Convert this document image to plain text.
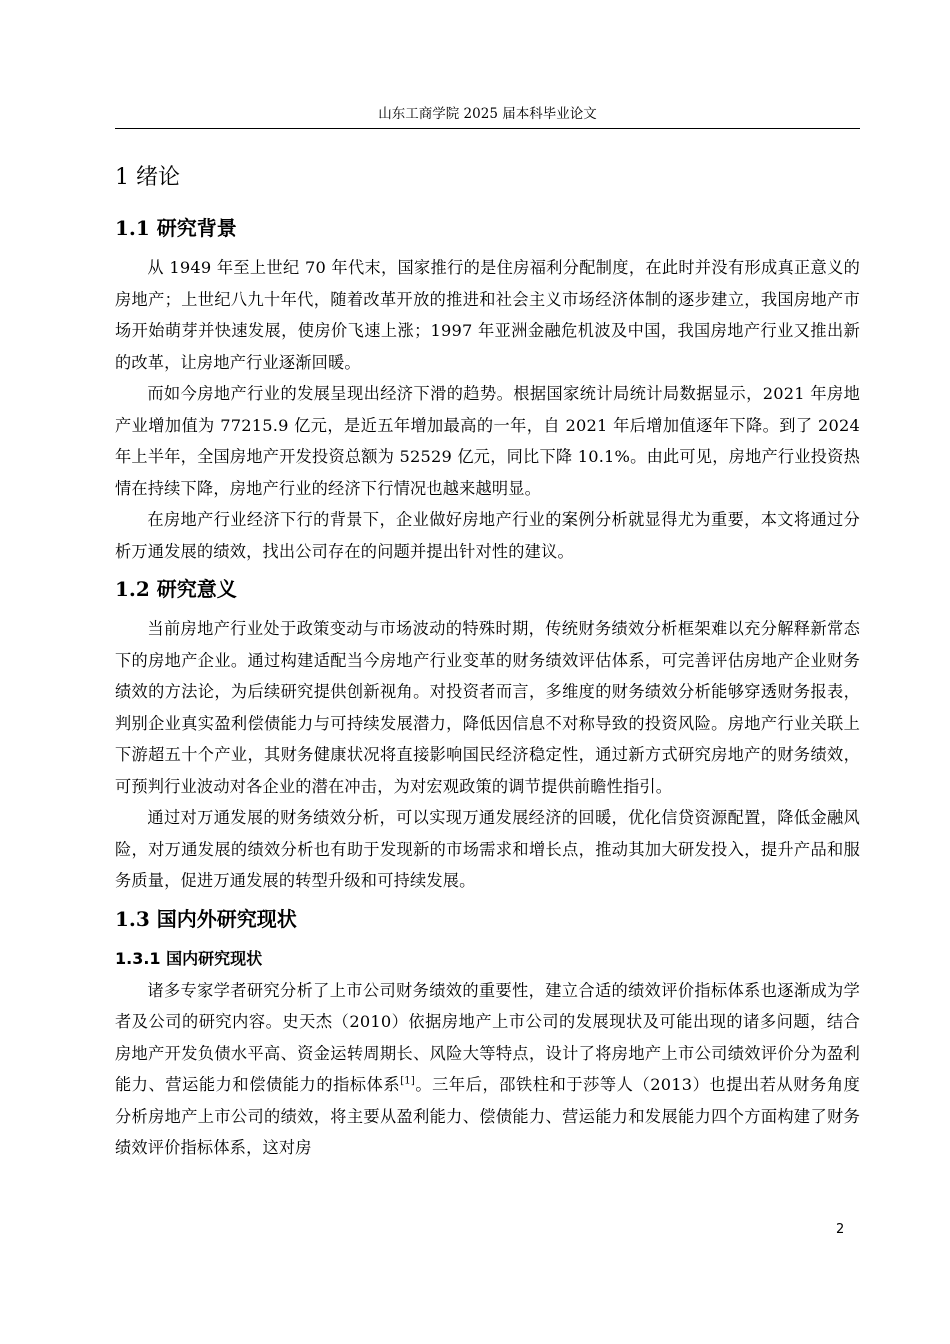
山东工商学院 2025 届本科毕业论文
1 绪论
1.1 研究背景

从 1949 年至上世纪 70 年代末，国家推行的是住房福利分配制度，在此时并没有形成真正意义的房地产；上世纪八九十年代，随着改革开放的推进和社会主义市场经济体制的逐步建立，我国房地产市场开始萌芽并快速发展，使房价飞速上涨；1997 年亚洲金融危机波及中国，我国房地产行业又推出新的改革，让房地产行业逐渐回暖。

而如今房地产行业的发展呈现出经济下滑的趋势。根据国家统计局统计局数据显示，2021 年房地产业增加值为 77215.9 亿元，是近五年增加最高的一年，自 2021 年后增加值逐年下降。到了 2024 年上半年，全国房地产开发投资总额为 52529 亿元，同比下降 10.1%。由此可见，房地产行业投资热情在持续下降，房地产行业的经济下行情况也越来越明显。

在房地产行业经济下行的背景下，企业做好房地产行业的案例分析就显得尤为重要，本文将通过分析万通发展的绩效，找出公司存在的问题并提出针对性的建议。

1.2 研究意义

当前房地产行业处于政策变动与市场波动的特殊时期，传统财务绩效分析框架难以充分解释新常态下的房地产企业。通过构建适配当今房地产行业变革的财务绩效评估体系，可完善评估房地产企业财务绩效的方法论，为后续研究提供创新视角。对投资者而言，多维度的财务绩效分析能够穿透财务报表，判别企业真实盈利偿债能力与可持续发展潜力，降低因信息不对称导致的投资风险。房地产行业关联上下游超五十个产业，其财务健康状况将直接影响国民经济稳定性，通过新方式研究房地产的财务绩效，可预判行业波动对各企业的潜在冲击，为对宏观政策的调节提供前瞻性指引。

通过对万通发展的财务绩效分析，可以实现万通发展经济的回暖，优化信贷资源配置，降低金融风险，对万通发展的绩效分析也有助于发现新的市场需求和增长点，推动其加大研发投入，提升产品和服务质量，促进万通发展的转型升级和可持续发展。

1.3 国内外研究现状
1.3.1 国内研究现状

诸多专家学者研究分析了上市公司财务绩效的重要性，建立合适的绩效评价指标体系也逐渐成为学者及公司的研究内容。史天杰（2010）依据房地产上市公司的发展现状及可能出现的诸多问题，结合房地产开发负债水平高、资金运转周期长、风险大等特点，设计了将房地产上市公司绩效评价分为盈利能力、营运能力和偿债能力的指标体系[1]。三年后，邵铁柱和于莎等人（2013）也提出若从财务角度分析房地产上市公司的绩效，将主要从盈利能力、偿债能力、营运能力和发展能力四个方面构建了财务绩效评价指标体系，这对房

2
